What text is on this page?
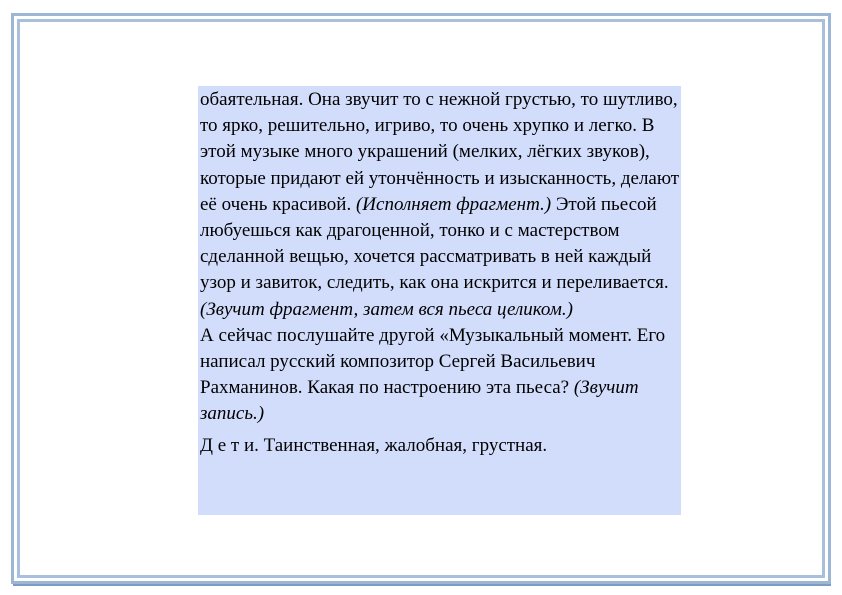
обаятельная. Она звучит то с нежной грустью, то шутливо, то ярко, решительно, игриво, то очень хрупко и легко. В этой музыке много украшений (мелких, лёгких звуков), которые придают ей утончённость и изысканность, делают её очень красивой. (Исполняет фрагмент.) Этой пьесой любуешься как драгоценной, тонко и с мастерством сделанной вещью, хочется рассматривать в ней каждый узор и завиток, следить, как она искрится и переливается. (Звучит фрагмент, затем вся пьеса целиком.)

А сейчас послушайте другой «Музыкальный момент. Его написал русский композитор Сергей Васильевич Рахманинов. Какая по настроению эта пьеса? (Звучит запись.)

Д е т и. Таинственная, жалобная, грустная.
